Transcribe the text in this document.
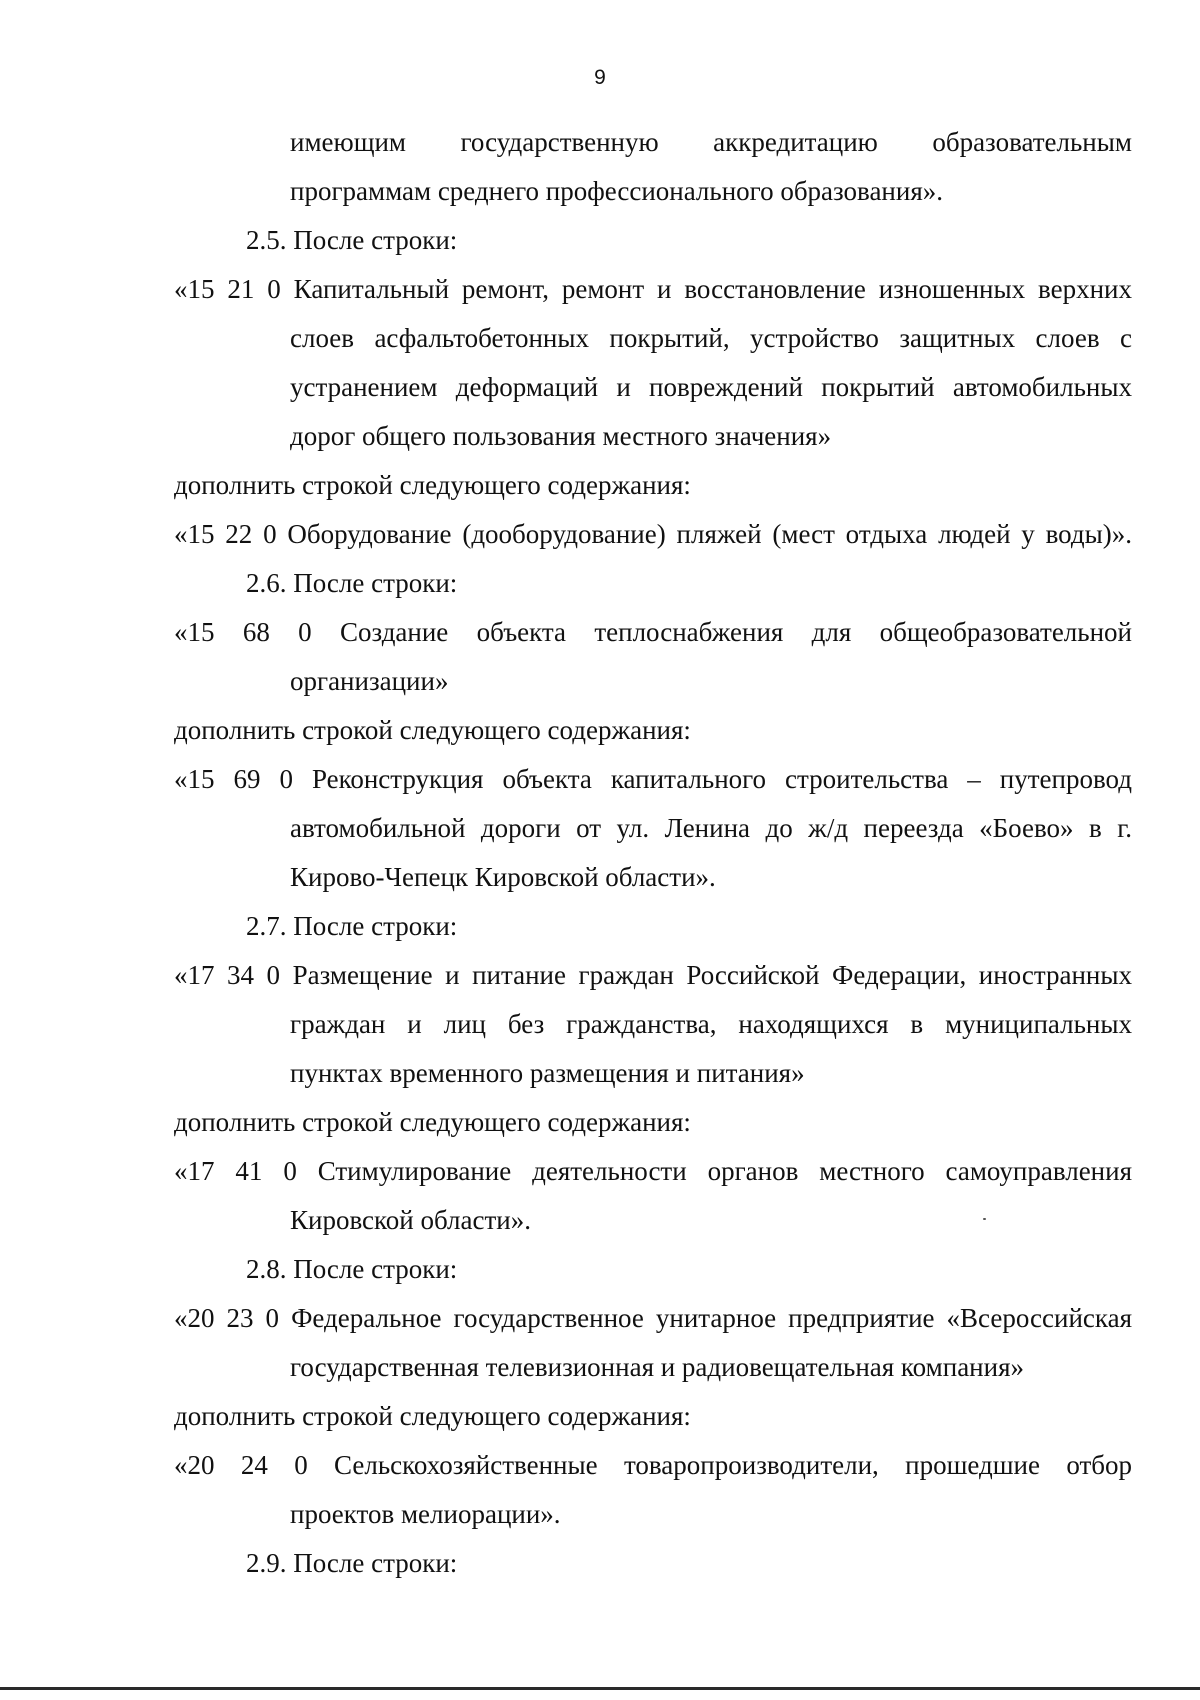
9
имеющим государственную аккредитацию образовательным
программам среднего профессионального образования».
2.5. После строки:
«15 21 0 Капитальный ремонт, ремонт и восстановление изношенных верхних
слоев асфальтобетонных покрытий, устройство защитных слоев с
устранением деформаций и повреждений покрытий автомобильных
дорог общего пользования местного значения»
дополнить строкой следующего содержания:
«15 22 0 Оборудование (дооборудование) пляжей (мест отдыха людей у воды)».
2.6. После строки:
«15 68 0 Создание объекта теплоснабжения для общеобразовательной
организации»
дополнить строкой следующего содержания:
«15 69 0 Реконструкция объекта капитального строительства – путепровод
автомобильной дороги от ул. Ленина до ж/д переезда «Боево» в г.
Кирово-Чепецк Кировской области».
2.7. После строки:
«17 34 0 Размещение и питание граждан Российской Федерации, иностранных
граждан и лиц без гражданства, находящихся в муниципальных
пунктах временного размещения и питания»
дополнить строкой следующего содержания:
«17 41 0 Стимулирование деятельности органов местного самоуправления
Кировской области».
2.8. После строки:
«20 23 0 Федеральное государственное унитарное предприятие «Всероссийская
государственная телевизионная и радиовещательная компания»
дополнить строкой следующего содержания:
«20 24 0 Сельскохозяйственные товаропроизводители, прошедшие отбор
проектов мелиорации».
2.9. После строки:
